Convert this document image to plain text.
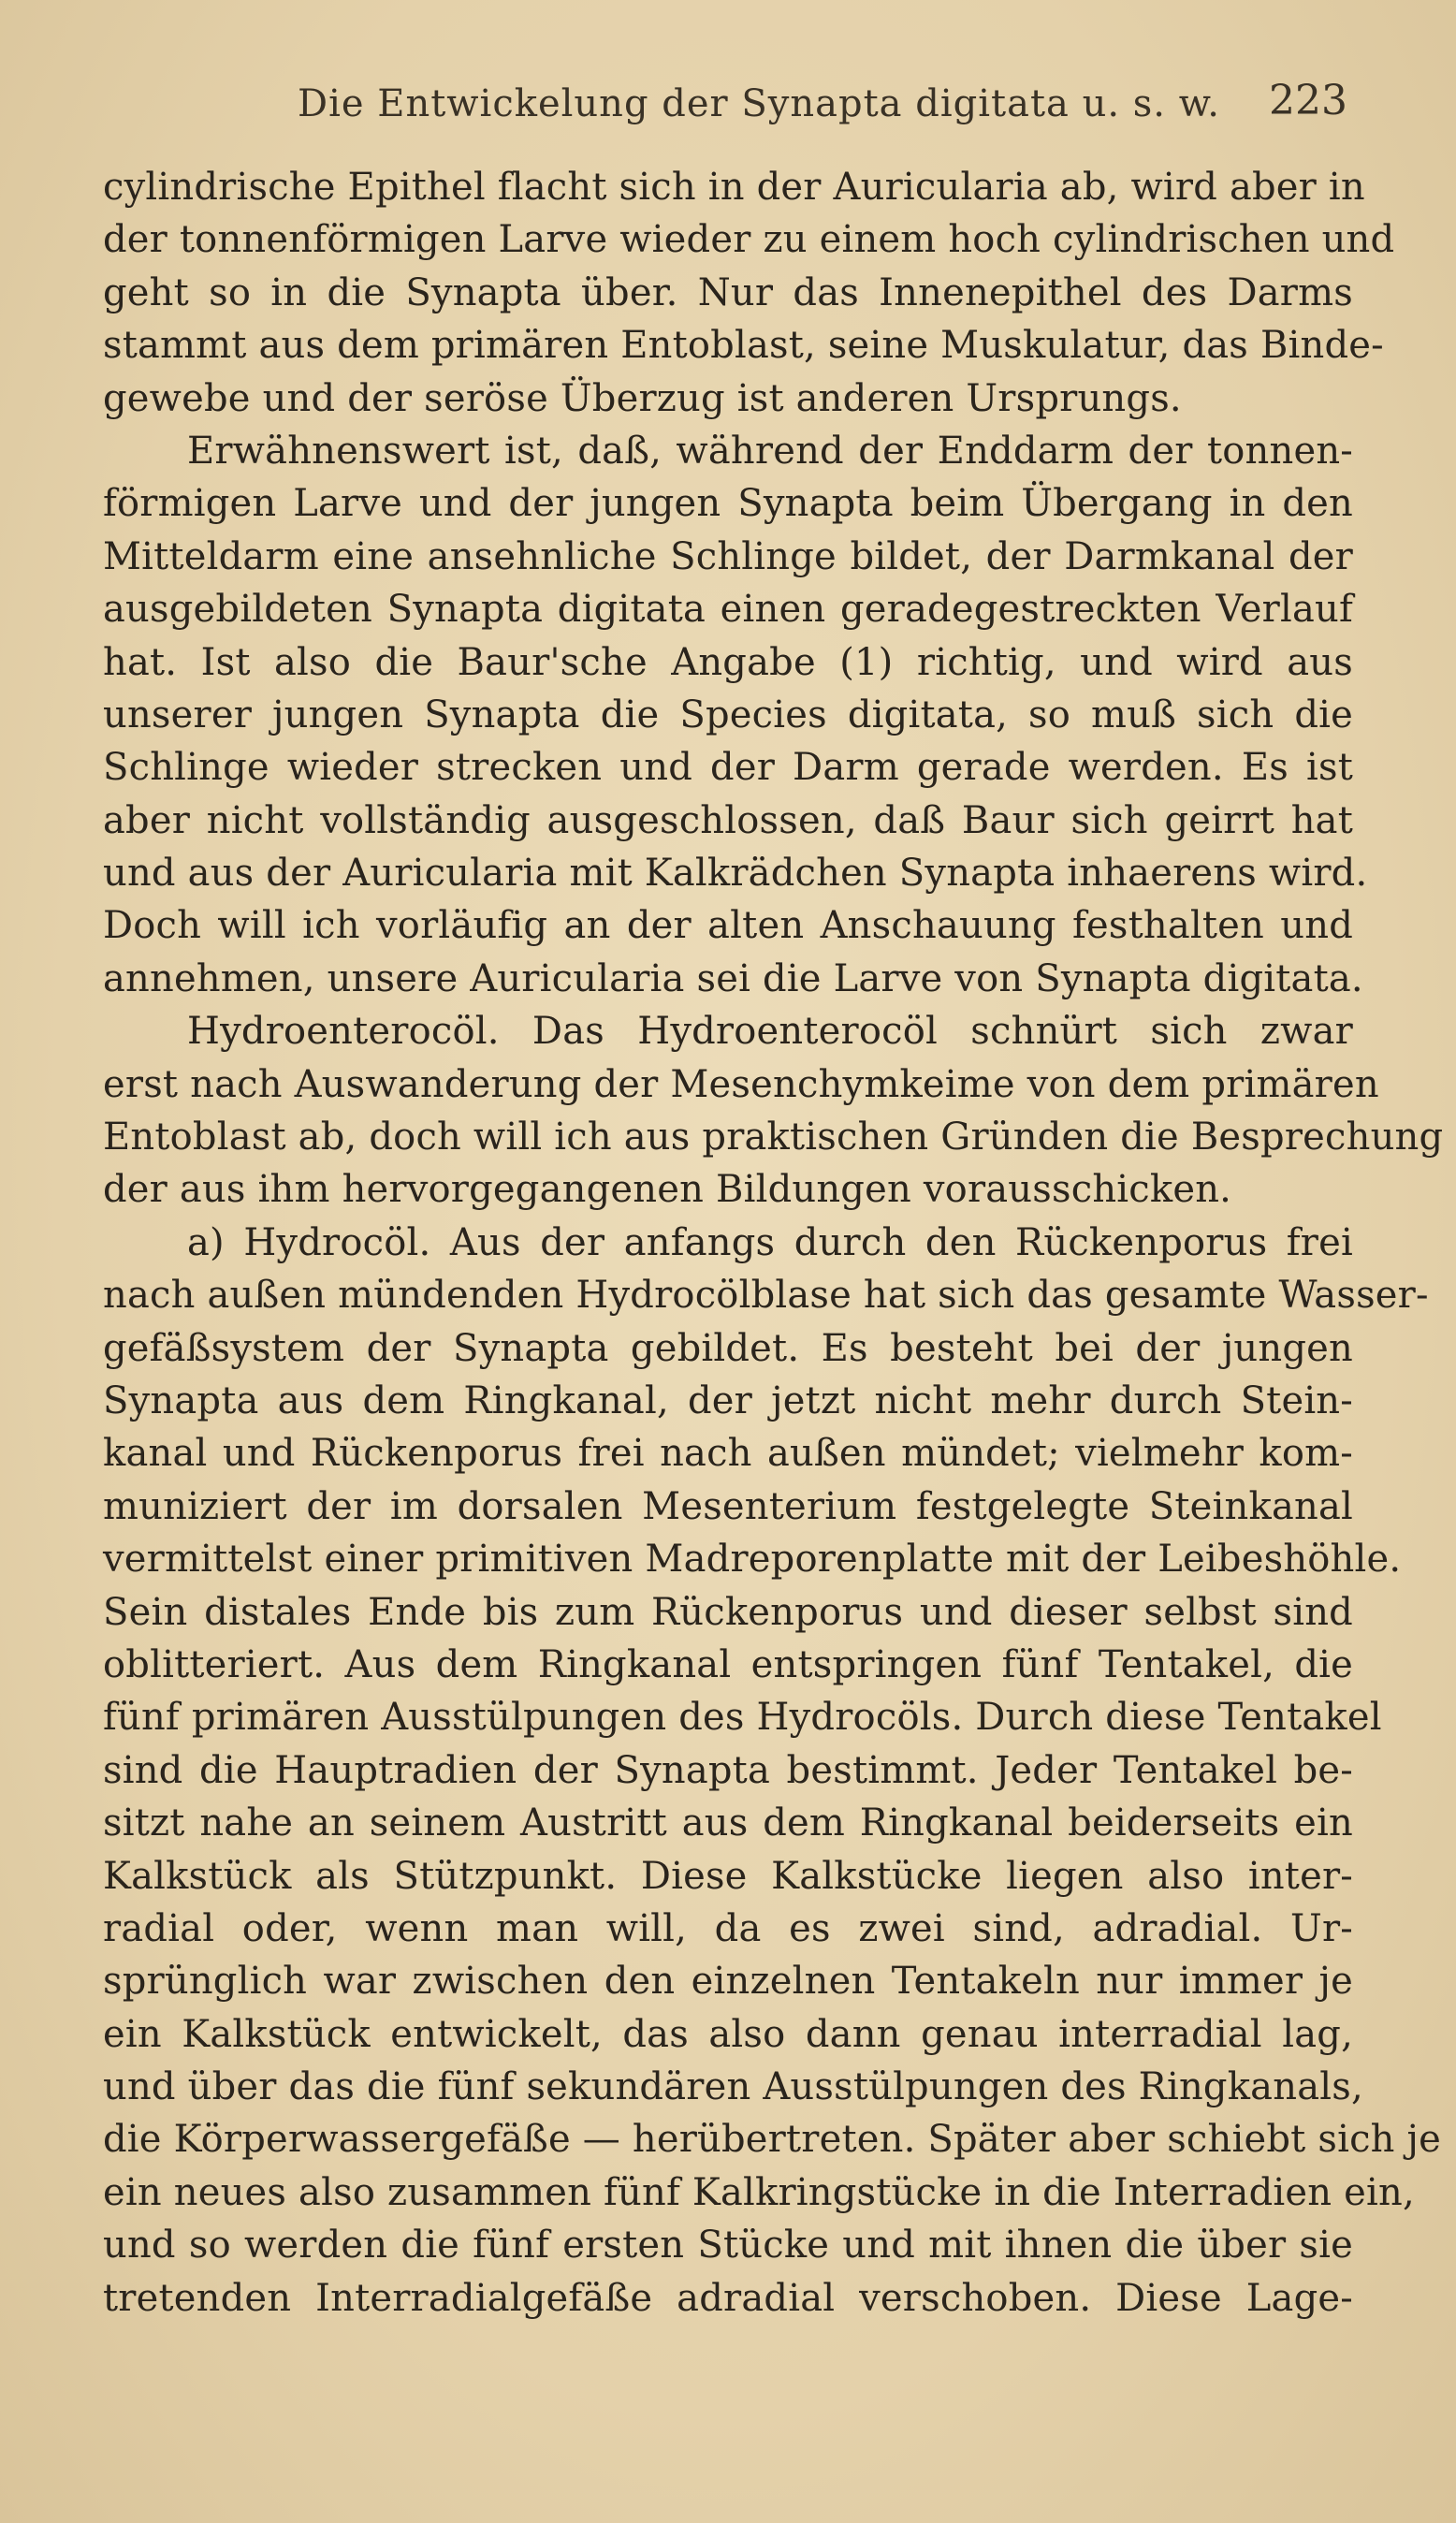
Die Entwickelung der Synapta digitata u. s. w. 223
cylindrische Epithel flacht sich in der Auricularia ab, wird aber in
der tonnenförmigen Larve wieder zu einem hoch cylindrischen und
geht so in die Synapta über. Nur das Innenepithel des Darms
stammt aus dem primären Entoblast, seine Muskulatur, das Binde-
gewebe und der seröse Überzug ist anderen Ursprungs.
Erwähnenswert ist, daß, während der Enddarm der tonnen-
förmigen Larve und der jungen Synapta beim Übergang in den
Mitteldarm eine ansehnliche Schlinge bildet, der Darmkanal der
ausgebildeten Synapta digitata einen geradegestreckten Verlauf
hat. Ist also die Baur'sche Angabe (1) richtig, und wird aus
unserer jungen Synapta die Species digitata, so muß sich die
Schlinge wieder strecken und der Darm gerade werden. Es ist
aber nicht vollständig ausgeschlossen, daß Baur sich geirrt hat
und aus der Auricularia mit Kalkrädchen Synapta inhaerens wird.
Doch will ich vorläufig an der alten Anschauung festhalten und
annehmen, unsere Auricularia sei die Larve von Synapta digitata.
Hydroenterocöl. Das Hydroenterocöl schnürt sich zwar
erst nach Auswanderung der Mesenchymkeime von dem primären
Entoblast ab, doch will ich aus praktischen Gründen die Besprechung
der aus ihm hervorgegangenen Bildungen vorausschicken.
a) Hydrocöl. Aus der anfangs durch den Rückenporus frei
nach außen mündenden Hydrocölblase hat sich das gesamte Wasser-
gefäßsystem der Synapta gebildet. Es besteht bei der jungen
Synapta aus dem Ringkanal, der jetzt nicht mehr durch Stein-
kanal und Rückenporus frei nach außen mündet; vielmehr kom-
muniziert der im dorsalen Mesenterium festgelegte Steinkanal
vermittelst einer primitiven Madreporenplatte mit der Leibeshöhle.
Sein distales Ende bis zum Rückenporus und dieser selbst sind
oblitteriert. Aus dem Ringkanal entspringen fünf Tentakel, die
fünf primären Ausstülpungen des Hydrocöls. Durch diese Tentakel
sind die Hauptradien der Synapta bestimmt. Jeder Tentakel be-
sitzt nahe an seinem Austritt aus dem Ringkanal beiderseits ein
Kalkstück als Stützpunkt. Diese Kalkstücke liegen also inter-
radial oder, wenn man will, da es zwei sind, adradial. Ur-
sprünglich war zwischen den einzelnen Tentakeln nur immer je
ein Kalkstück entwickelt, das also dann genau interradial lag,
und über das die fünf sekundären Ausstülpungen des Ringkanals,
die Körperwassergefäße — herübertreten. Später aber schiebt sich je
ein neues also zusammen fünf Kalkringstücke in die Interradien ein,
und so werden die fünf ersten Stücke und mit ihnen die über sie
tretenden Interradialgefäße adradial verschoben. Diese Lage-
